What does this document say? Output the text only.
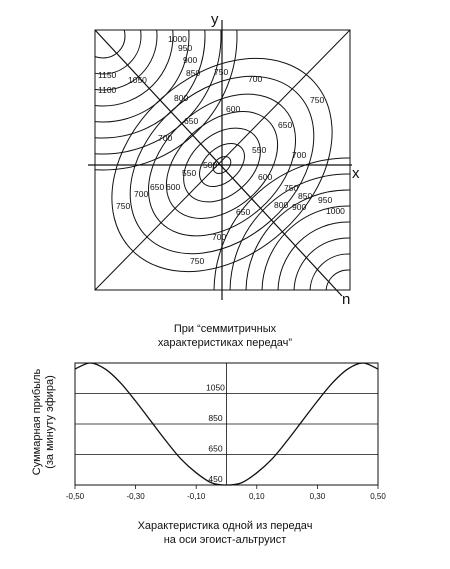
1000
950
900
850 750
1150 1050
1100
800
650
700
600
750
700
650
550	700
550
650 600
750
700
600
750
850
800 900
950
1000
650
700
750
500	x
y
n
При “семмитричных
характеристиках передач”
450
650
850
1050
-0,50	-0,30	-0,10	0,10	0,30	0,50
Суммарная прибыль (за минуту эфира)
Характеристика одной из передач
на оси эгоист-альтруист
